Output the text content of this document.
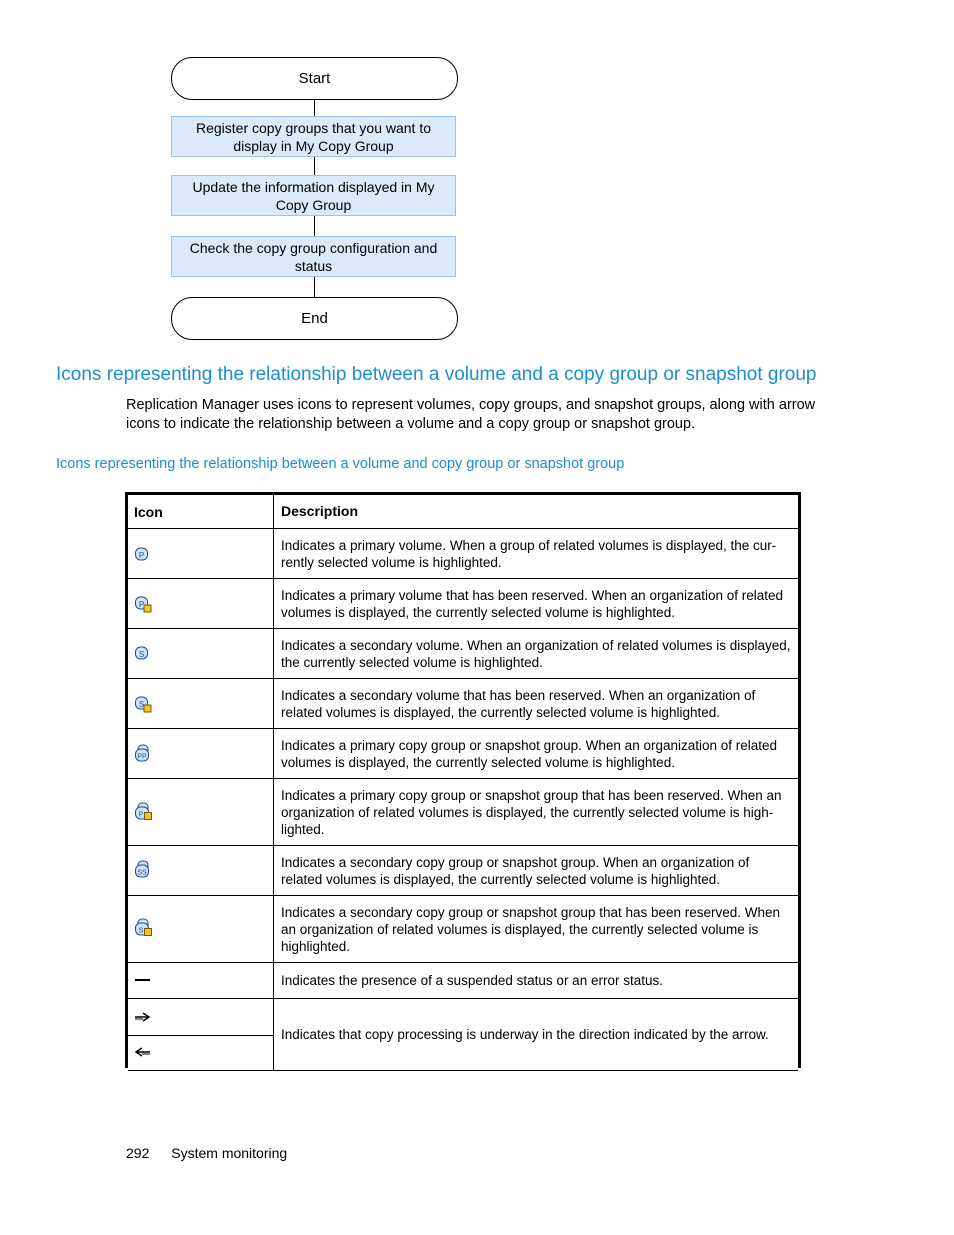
Start
Register copy groups that you want to display in My Copy Group
Update the information displayed in My Copy Group
Check the copy group configuration and status
End
Icons representing the relationship between a volume and a copy group or snapshot group
Replication Manager uses icons to represent volumes, copy groups, and snapshot groups, along with arrow icons to indicate the relationship between a volume and a copy group or snapshot group.
Icons representing the relationship between a volume and copy group or snapshot group
Icon	Description
P
Indicates a primary volume. When a group of related volumes is displayed, the cur-rently selected volume is highlighted.
P
Indicates a primary volume that has been reserved. When an organization of related volumes is displayed, the currently selected volume is highlighted.
S
Indicates a secondary volume. When an organization of related volumes is displayed, the currently selected volume is highlighted.
S
Indicates a secondary volume that has been reserved. When an organization of related volumes is displayed, the currently selected volume is highlighted.
PP
Indicates a primary copy group or snapshot group. When an organization of related volumes is displayed, the currently selected volume is highlighted.
P
Indicates a primary copy group or snapshot group that has been reserved. When an organization of related volumes is displayed, the currently selected volume is high-lighted.
SS
Indicates a secondary copy group or snapshot group. When an organization of related volumes is displayed, the currently selected volume is highlighted.
S
Indicates a secondary copy group or snapshot group that has been reserved. When an organization of related volumes is displayed, the currently selected volume is highlighted.
Indicates the presence of a suspended status or an error status.
Indicates that copy processing is underway in the direction indicated by the arrow.
292 System monitoring
